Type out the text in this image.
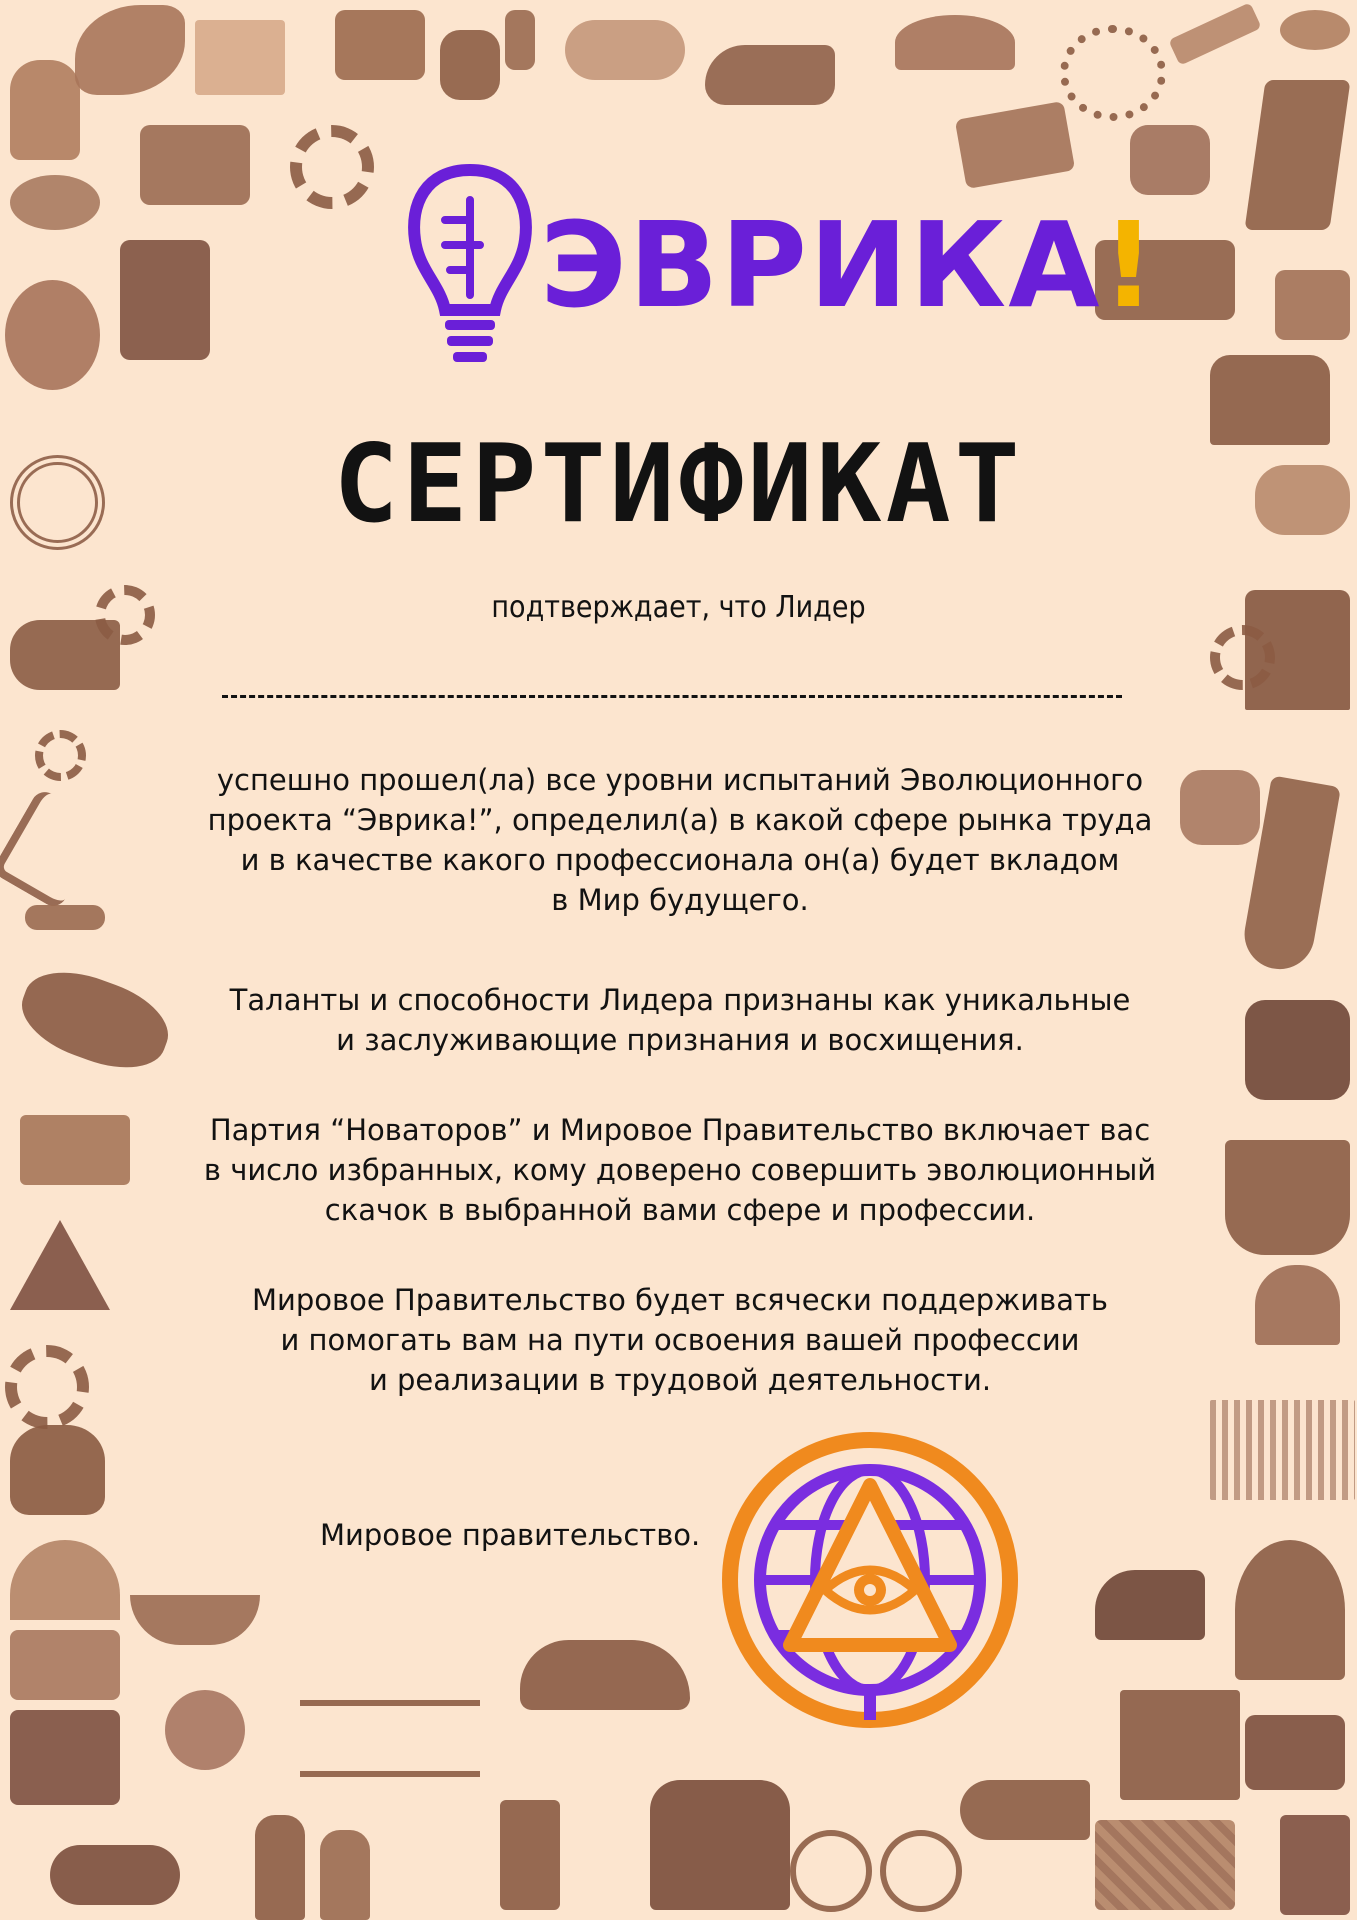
ЭВРИКА!
СЕРТИФИКАТ
подтверждает, что Лидер
успешно прошел(ла) все уровни испытаний Эволюционного
проекта “Эврика!”, определил(а) в какой сфере рынка труда
и в качестве какого профессионала он(а) будет вкладом
в Мир будущего.
Таланты и способности Лидера признаны как уникальные
и заслуживающие признания и восхищения.
Партия “Новаторов” и Мировое Правительство включает вас
в число избранных, кому доверено совершить эволюционный
скачок в выбранной вами сфере и профессии.
Мировое Правительство будет всячески поддерживать
и помогать вам на пути освоения вашей профессии
и реализации в трудовой деятельности.
Мировое правительство.
